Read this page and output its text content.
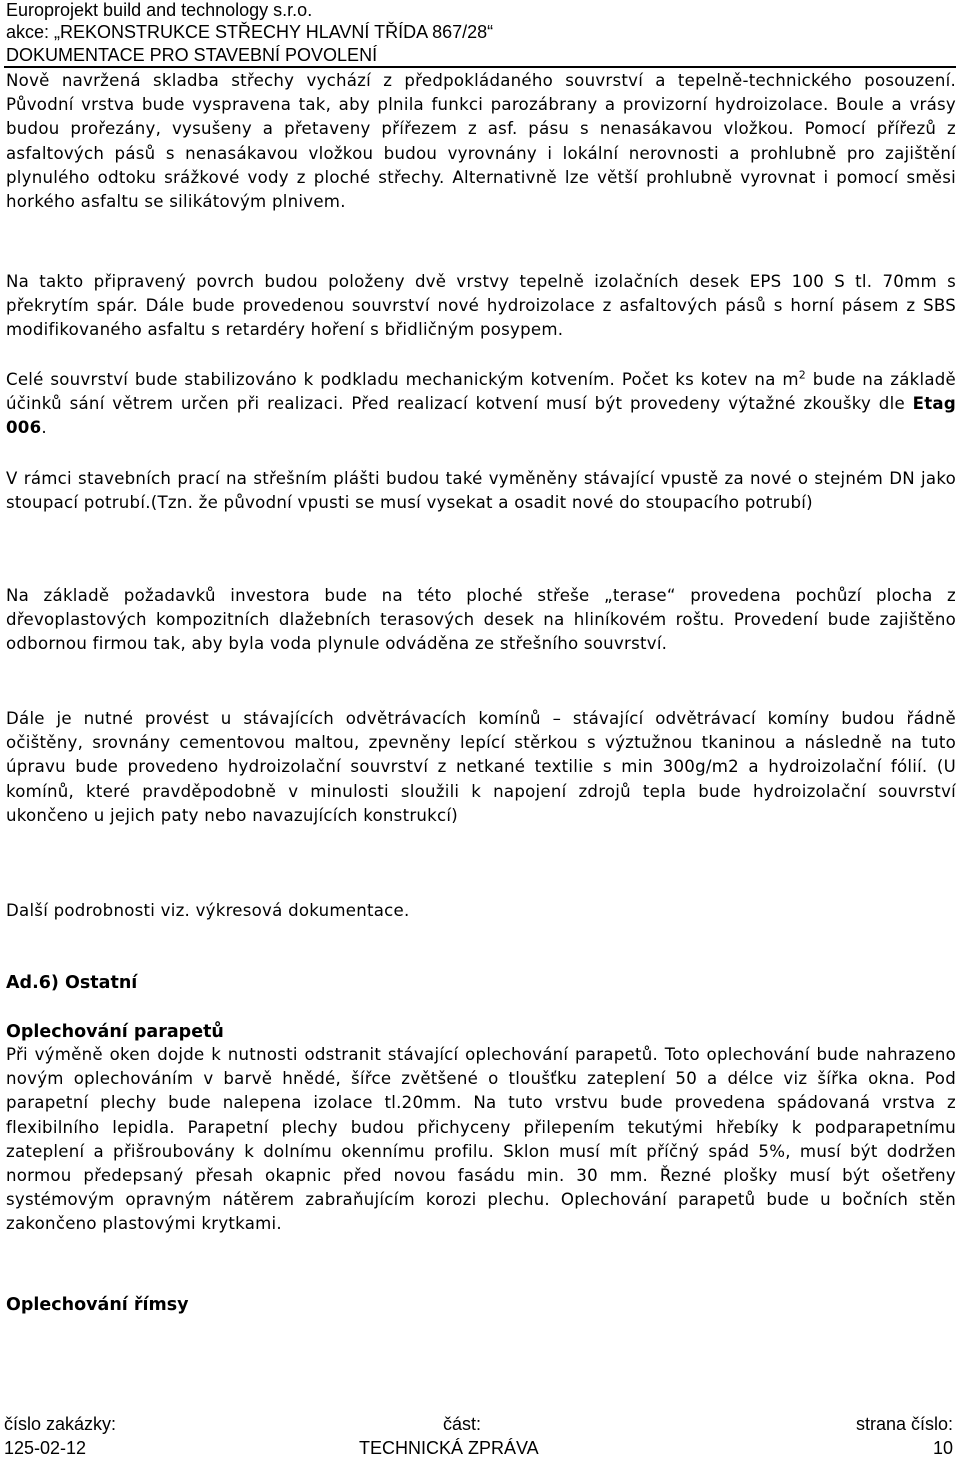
Europrojekt build and technology s.r.o.
akce: „REKONSTRUKCE STŘECHY HLAVNÍ TŘÍDA 867/28“
DOKUMENTACE PRO STAVEBNÍ POVOLENÍ

Nově navržená skladba střechy vychází z předpokládaného souvrství a tepelně-technického posouzení. Původní vrstva bude vyspravena tak, aby plnila funkci parozábrany a provizorní hydroizolace. Boule a vrásy budou prořezány, vysušeny a přetaveny přířezem z asf. pásu s nenasákavou vložkou. Pomocí přířezů z asfaltových pásů s nenasákavou vložkou budou vyrovnány i lokální nerovnosti a prohlubně pro zajištění plynulého odtoku srážkové vody z ploché střechy. Alternativně lze větší prohlubně vyrovnat i pomocí směsi horkého asfaltu se silikátovým plnivem.

Na takto připravený povrch budou položeny dvě vrstvy tepelně izolačních desek EPS 100 S tl. 70mm s překrytím spár. Dále bude provedenou souvrství nové hydroizolace z asfaltových pásů s horní pásem z SBS modifikovaného asfaltu s retardéry hoření s břidličným posypem.

Celé souvrství bude stabilizováno k podkladu mechanickým kotvením. Počet ks kotev na $m^2$ bude na základě účinků sání větrem určen při realizaci. Před realizací kotvení musí být provedeny výtažné zkoušky dle Etag 006.

V rámci stavebních prací na střešním plášti budou také vyměněny stávající vpustě za nové o stejném DN jako stoupací potrubí.(Tzn. že původní vpusti se musí vysekat a osadit nové do stoupacího potrubí)

Na základě požadavků investora bude na této ploché střeše „terase“ provedena pochůzí plocha z dřevoplastových kompozitních dlažebních terasových desek na hliníkovém roštu. Provedení bude zajištěno odbornou firmou tak, aby byla voda plynule odváděna ze střešního souvrství.

Dále je nutné provést u stávajících odvětrávacích komínů – stávající odvětrávací komíny budou řádně očištěny, srovnány cementovou maltou, zpevněny lepící stěrkou s výztužnou tkaninou a následně na tuto úpravu bude provedeno hydroizolační souvrství z netkané textilie s min 300g/m2 a hydroizolační fólií. (U komínů, které pravděpodobně v minulosti sloužili k napojení zdrojů tepla bude hydroizolační souvrství ukončeno u jejich paty nebo navazujících konstrukcí)

Další podrobnosti viz. výkresová dokumentace.

Ad.6) Ostatní
Oplechování parapetů

Při výměně oken dojde k nutnosti odstranit stávající oplechování parapetů. Toto oplechování bude nahrazeno novým oplechováním v barvě hnědé, šířce zvětšené o tloušťku zateplení 50 a délce viz šířka okna. Pod parapetní plechy bude nalepena izolace tl.20mm. Na tuto vrstvu bude provedena spádovaná vrstva z flexibilního lepidla. Parapetní plechy budou přichyceny přilepením tekutými hřebíky k podparapetnímu zateplení a přišroubovány k dolnímu okennímu profilu. Sklon musí mít příčný spád 5%, musí být dodržen normou předepsaný přesah okapnic před novou fasádu min. 30 mm. Řezné plošky musí být ošetřeny systémovým opravným nátěrem zabraňujícím korozi plechu. Oplechování parapetů bude u bočních stěn zakončeno plastovými krytkami.

Oplechování římsy
číslo zakázky:
125-02-12
část:
TECHNICKÁ ZPRÁVA
strana číslo:
10
